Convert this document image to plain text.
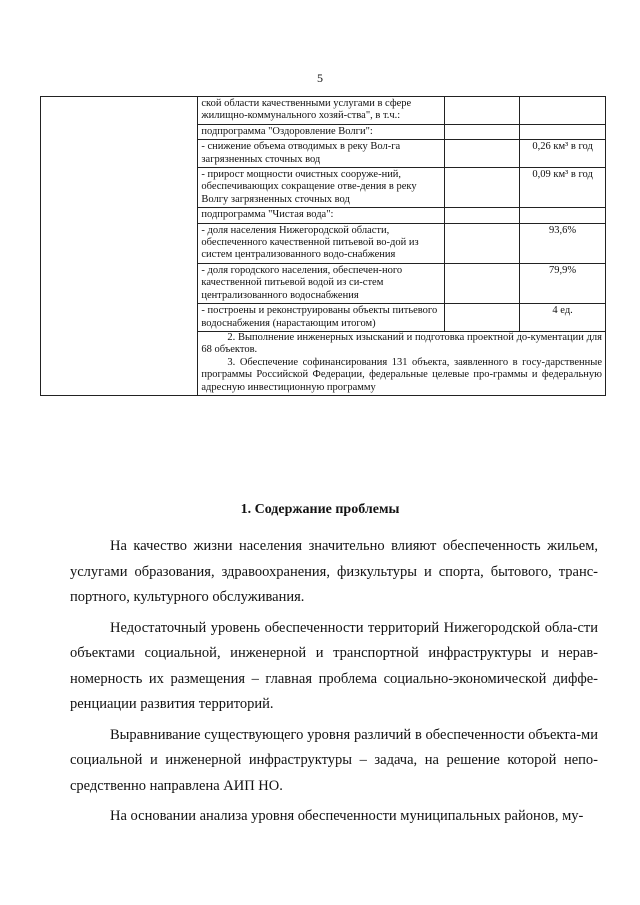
5
	ской области качественными услугами в сфере жилищно-коммунального хозяй-ства", в т.ч.:		
	подпрограмма "Оздоровление Волги":		
	- снижение объема отводимых в реку Вол-га загрязненных сточных вод		0,26 км³ в год
	- прирост мощности очистных сооруже-ний, обеспечивающих сокращение отве-дения в реку Волгу загрязненных сточных вод		0,09 км³ в год
	подпрограмма "Чистая вода":		
	- доля населения Нижегородской области, обеспеченного качественной питьевой во-дой из систем централизованного водо-снабжения		93,6%
	- доля городского населения, обеспечен-ного качественной питьевой водой из си-стем централизованного водоснабжения		79,9%
	- построены и реконструированы объекты питьевого водоснабжения (нарастающим итогом)		4 ед.

	2. Выполнение инженерных изысканий и подготовка проектной до-кументации для 68 объектов.

3. Обеспечение софинансирования 131 объекта, заявленного в госу-дарственные программы Российской Федерации, федеральные целевые про-граммы и федеральную адресную инвестиционную программу		

1. Содержание проблемы

На качество жизни населения значительно влияют обеспеченность жильем, услугами образования, здравоохранения, физкультуры и спорта, бытового, транс-портного, культурного обслуживания.

Недостаточный уровень обеспеченности территорий Нижегородской обла-сти объектами социальной, инженерной и транспортной инфраструктуры и нерав-номерность их размещения – главная проблема социально-экономической диффе-ренциации развития территорий.

Выравнивание существующего уровня различий в обеспеченности объекта-ми социальной и инженерной инфраструктуры – задача, на решение которой непо-средственно направлена АИП НО.

На основании анализа уровня обеспеченности муниципальных районов, му-
